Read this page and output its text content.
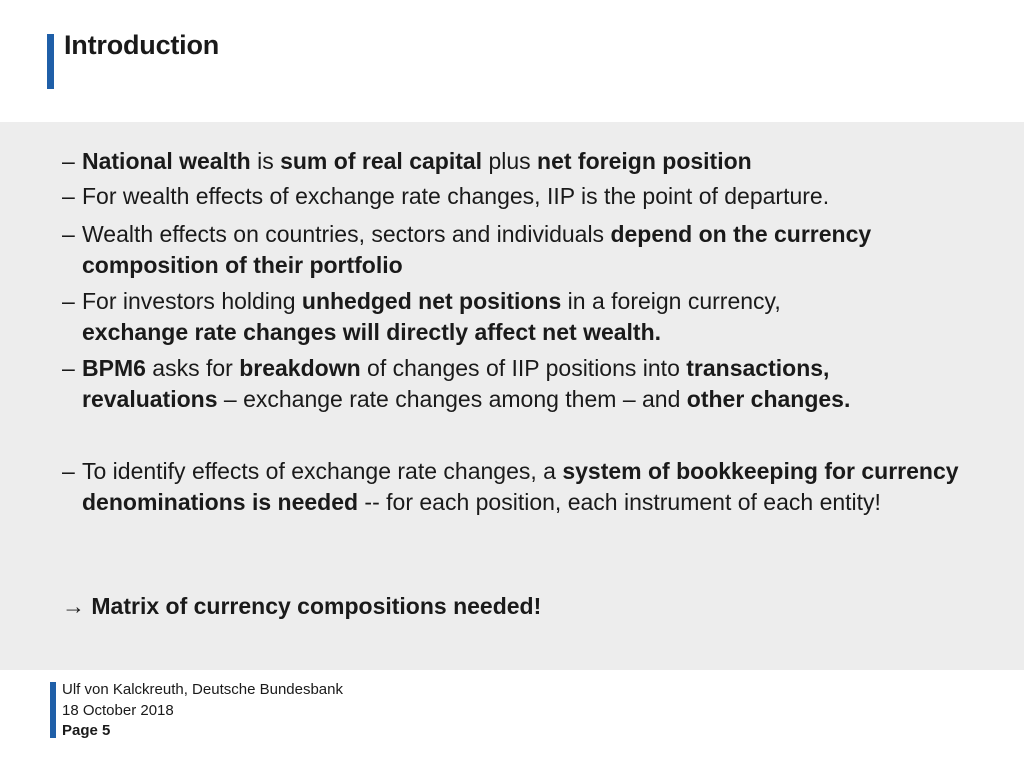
Introduction
– National wealth is sum of real capital plus net foreign position
– For wealth effects of exchange rate changes, IIP is the point of departure.
– Wealth effects on countries, sectors and individuals depend on the currency composition of their portfolio
– For investors holding unhedged net positions in a foreign currency,
exchange rate changes will directly affect net wealth.
– BPM6 asks for breakdown of changes of IIP positions into transactions, revaluations – exchange rate changes among them – and other changes.
– To identify effects of exchange rate changes, a system of bookkeeping for currency denominations is needed -- for each position, each instrument of each entity!
→ Matrix of currency compositions needed!
Ulf von Kalckreuth, Deutsche Bundesbank
18 October 2018
Page 5
